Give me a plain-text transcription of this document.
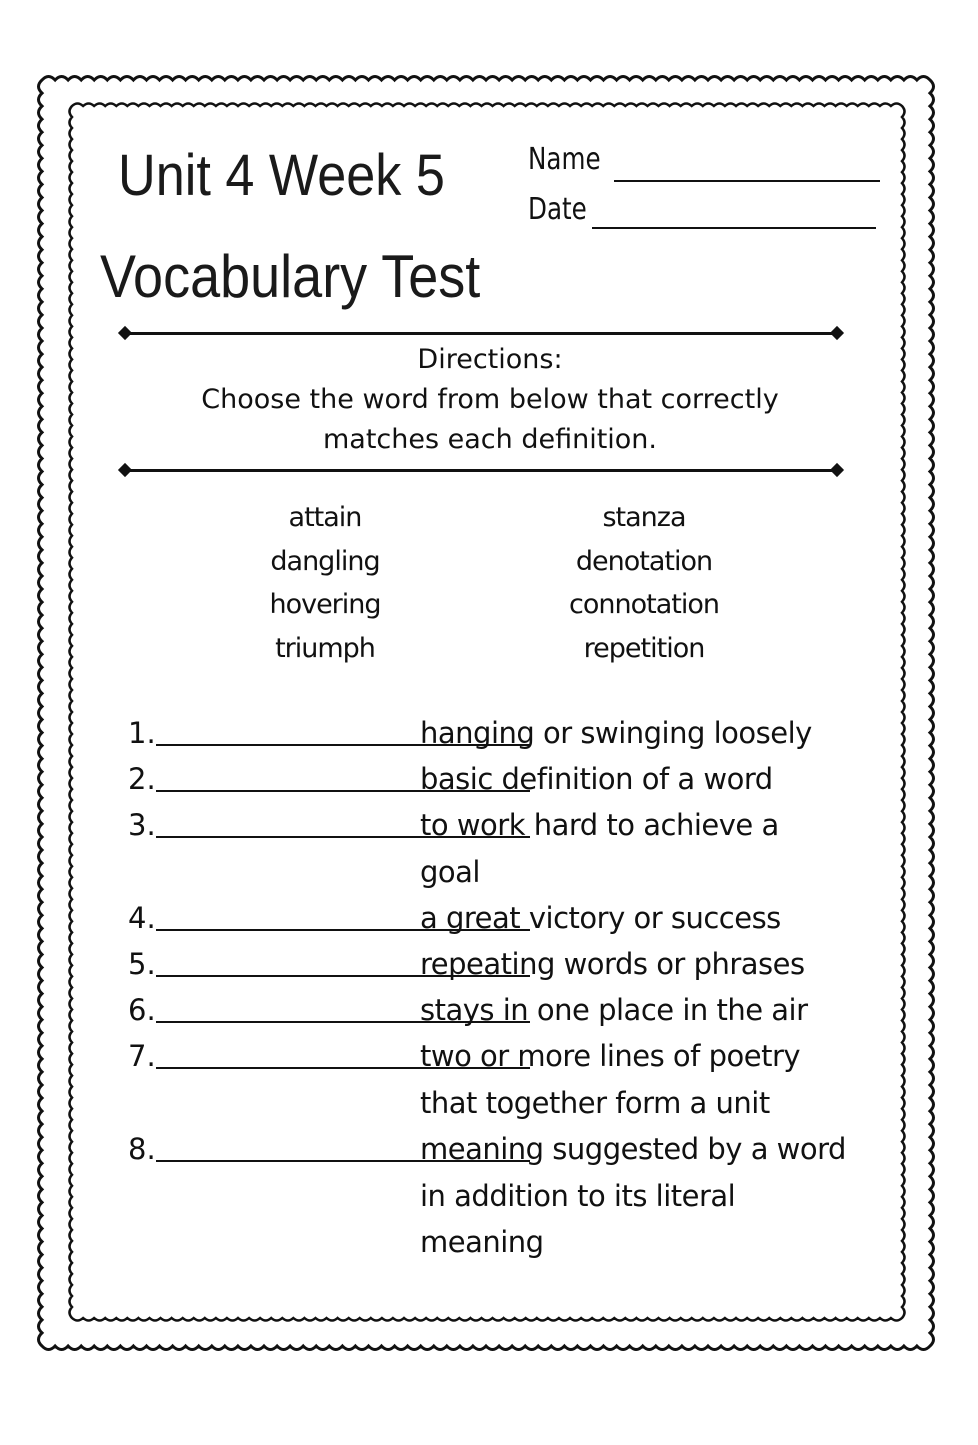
Unit 4 Week 5
Vocabulary Test
Name
Date
Directions:
Choose the word from below that correctly matches each definition.
attain
dangling
hovering
triumph
stanza
denotation
connotation
repetition
1.	hanging or swinging loosely
2.	basic definition of a word
3.	to work hard to achieve a goal
4.	a great victory or success
5.	repeating words or phrases
6.	stays in one place in the air
7.	two or more lines of poetry that together form a unit
8.	meaning suggested by a word in addition to its literal meaning
